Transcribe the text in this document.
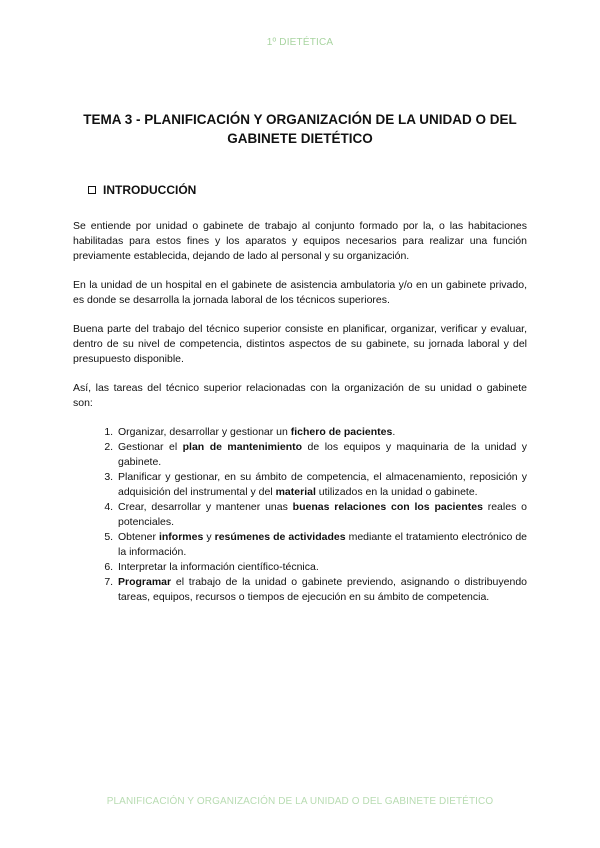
1º DIETÉTICA
TEMA 3 - PLANIFICACIÓN Y ORGANIZACIÓN DE LA UNIDAD O DEL
GABINETE DIETÉTICO
INTRODUCCIÓN

Se entiende por unidad o gabinete de trabajo al conjunto formado por la, o las habitaciones habilitadas para estos fines y los aparatos y equipos necesarios para realizar una función previamente establecida, dejando de lado al personal y su organización.

En la unidad de un hospital en el gabinete de asistencia ambulatoria y/o en un gabinete privado, es donde se desarrolla la jornada laboral de los técnicos superiores.

Buena parte del trabajo del técnico superior consiste en planificar, organizar, verificar y evaluar, dentro de su nivel de competencia, distintos aspectos de su gabinete, su jornada laboral y del presupuesto disponible.

Así, las tareas del técnico superior relacionadas con la organización de su unidad o gabinete son:

1. Organizar, desarrollar y gestionar un fichero de pacientes.
2. Gestionar el plan de mantenimiento de los equipos y maquinaria de la unidad y gabinete.
3. Planificar y gestionar, en su ámbito de competencia, el almacenamiento, reposición y adquisición del instrumental y del material utilizados en la unidad o gabinete.
4. Crear, desarrollar y mantener unas buenas relaciones con los pacientes reales o potenciales.
5. Obtener informes y resúmenes de actividades mediante el tratamiento electrónico de la información.
6. Interpretar la información científico-técnica.
7. Programar el trabajo de la unidad o gabinete previendo, asignando o distribuyendo tareas, equipos, recursos o tiempos de ejecución en su ámbito de competencia.
PLANIFICACIÓN Y ORGANIZACIÓN DE LA UNIDAD O DEL GABINETE DIETÉTICO
